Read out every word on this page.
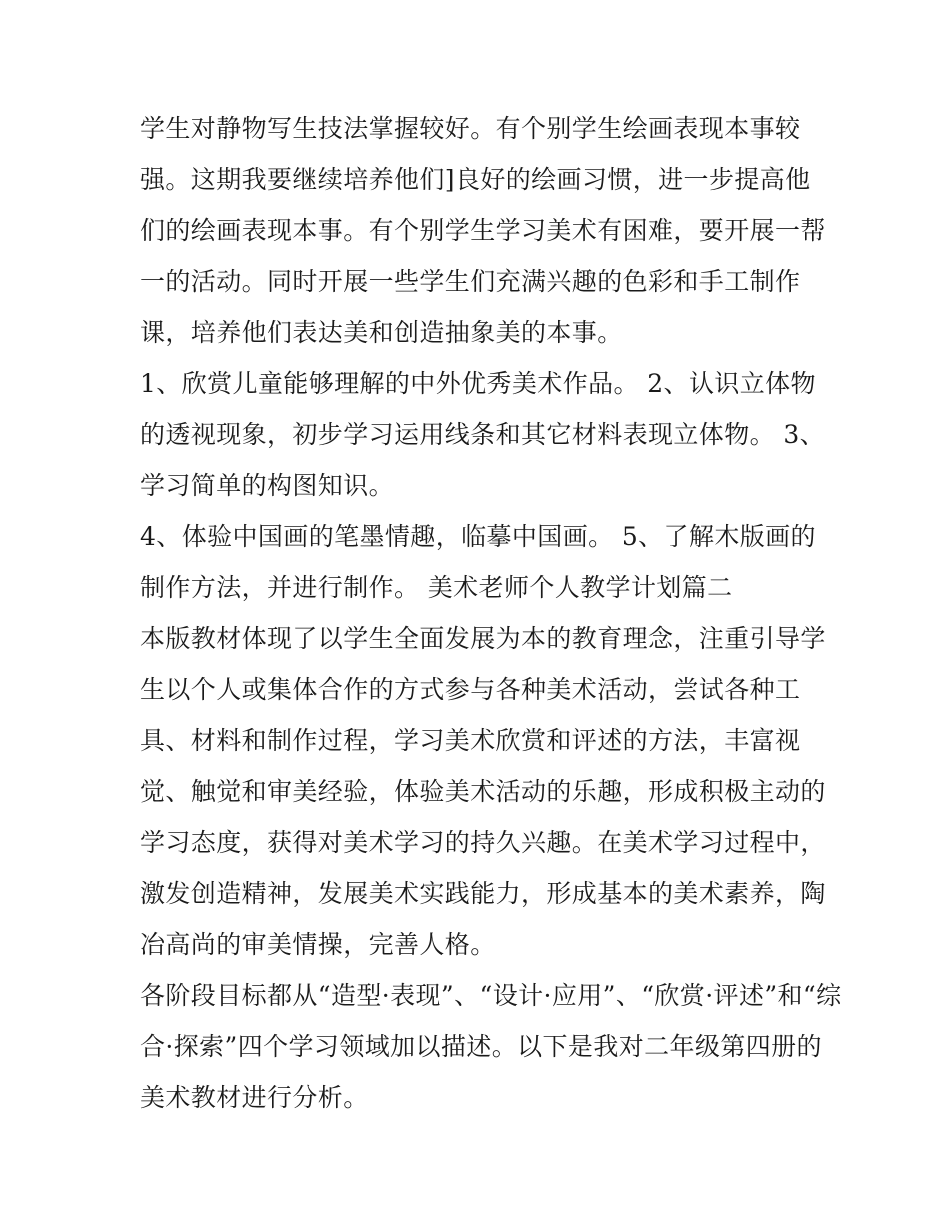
学生对静物写生技法掌握较好。有个别学生绘画表现本事较
强。这期我要继续培养他们]良好的绘画习惯，进一步提高他
们的绘画表现本事。有个别学生学习美术有困难，要开展一帮
一的活动。同时开展一些学生们充满兴趣的色彩和手工制作
课，培养他们表达美和创造抽象美的本事。
1、欣赏儿童能够理解的中外优秀美术作品。 2、认识立体物
的透视现象，初步学习运用线条和其它材料表现立体物。 3、
学习简单的构图知识。
4、体验中国画的笔墨情趣，临摹中国画。 5、了解木版画的
制作方法，并进行制作。 美术老师个人教学计划篇二
本版教材体现了以学生全面发展为本的教育理念，注重引导学
生以个人或集体合作的方式参与各种美术活动，尝试各种工
具、材料和制作过程，学习美术欣赏和评述的方法，丰富视
觉、触觉和审美经验，体验美术活动的乐趣，形成积极主动的
学习态度，获得对美术学习的持久兴趣。在美术学习过程中，
激发创造精神，发展美术实践能力，形成基本的美术素养，陶
冶高尚的审美情操，完善人格。
各阶段目标都从“造型·表现”、“设计·应用”、“欣赏·评述”和“综
合·探索”四个学习领域加以描述。以下是我对二年级第四册的
美术教材进行分析。
